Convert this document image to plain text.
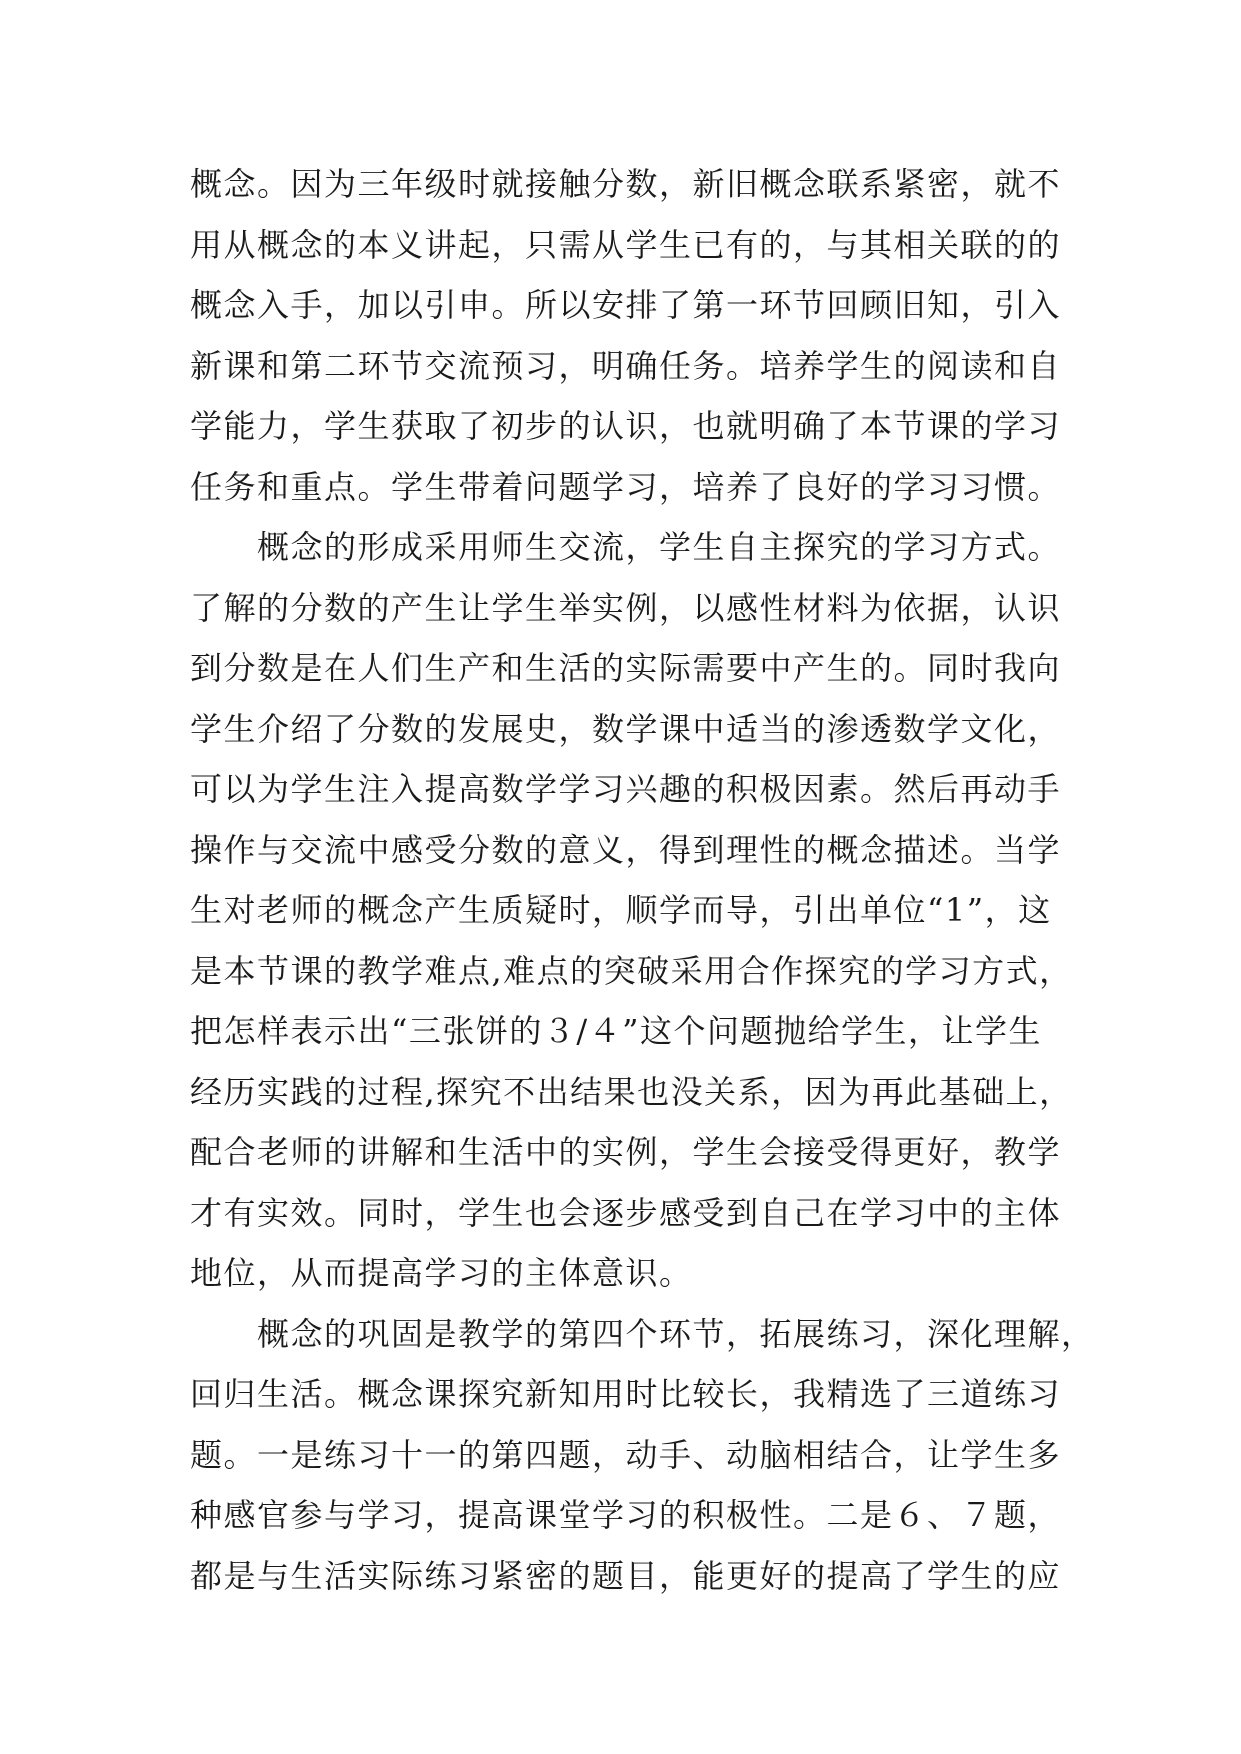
概念。因为三年级时就接触分数，新旧概念联系紧密，就不
用从概念的本义讲起，只需从学生已有的，与其相关联的的
概念入手，加以引申。所以安排了第一环节回顾旧知，引入
新课和第二环节交流预习，明确任务。培养学生的阅读和自
学能力，学生获取了初步的认识，也就明确了本节课的学习
任务和重点。学生带着问题学习，培养了良好的学习习惯。
　　概念的形成采用师生交流，学生自主探究的学习方式。
了解的分数的产生让学生举实例，以感性材料为依据，认识
到分数是在人们生产和生活的实际需要中产生的。同时我向
学生介绍了分数的发展史，数学课中适当的渗透数学文化，
可以为学生注入提高数学学习兴趣的积极因素。然后再动手
操作与交流中感受分数的意义，得到理性的概念描述。当学
生对老师的概念产生质疑时，顺学而导，引出单位“1”，这
是本节课的教学难点,难点的突破采用合作探究的学习方式，
把怎样表示出“三张饼的３/４”这个问题抛给学生，让学生
经历实践的过程,探究不出结果也没关系，因为再此基础上，
配合老师的讲解和生活中的实例，学生会接受得更好，教学
才有实效。同时，学生也会逐步感受到自己在学习中的主体
地位，从而提高学习的主体意识。
　　概念的巩固是教学的第四个环节，拓展练习，深化理解，
回归生活。概念课探究新知用时比较长，我精选了三道练习
题。一是练习十一的第四题，动手、动脑相结合，让学生多
种感官参与学习，提高课堂学习的积极性。二是６、７题，
都是与生活实际练习紧密的题目，能更好的提高了学生的应
